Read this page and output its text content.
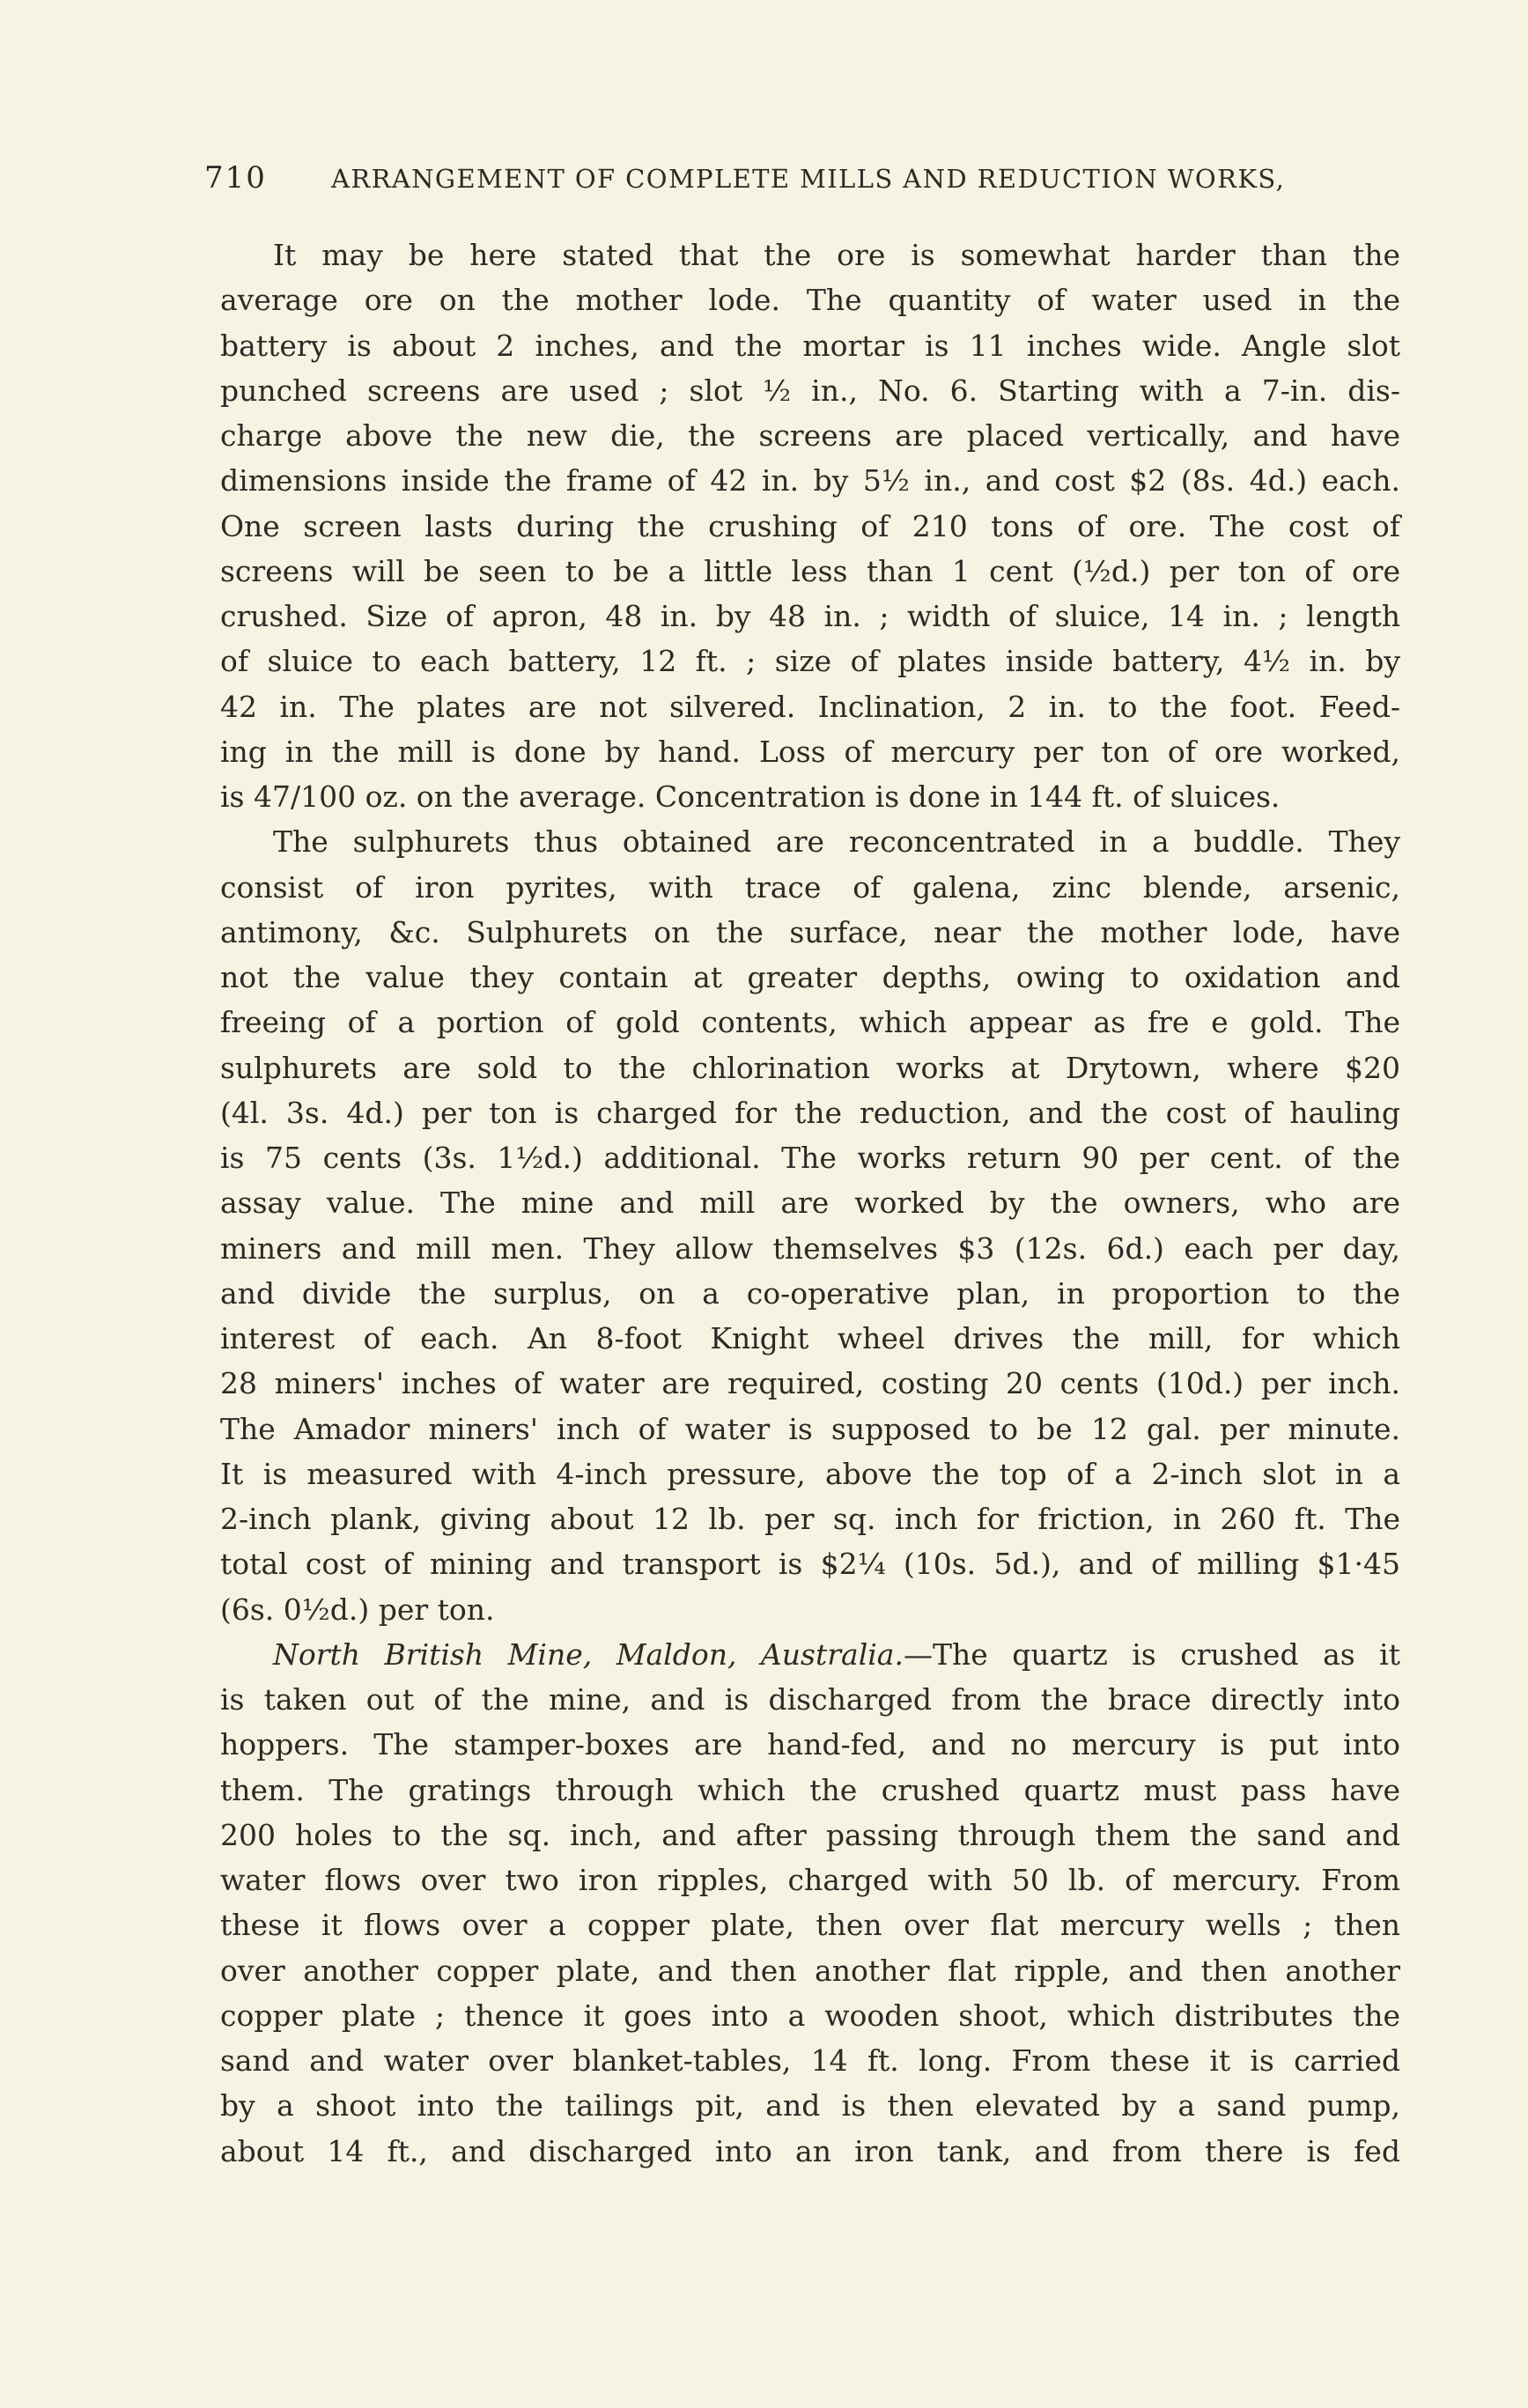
710	ARRANGEMENT OF COMPLETE MILLS AND REDUCTION WORKS,
It may be here stated that the ore is somewhat harder than the
average ore on the mother lode. The quantity of water used in the
battery is about 2 inches, and the mortar is 11 inches wide. Angle slot
punched screens are used ; slot ½ in., No. 6. Starting with a 7-in. dis-
charge above the new die, the screens are placed vertically, and have
dimensions inside the frame of 42 in. by 5½ in., and cost $2 (8s. 4d.) each.
One screen lasts during the crushing of 210 tons of ore. The cost of
screens will be seen to be a little less than 1 cent (½d.) per ton of ore
crushed. Size of apron, 48 in. by 48 in. ; width of sluice, 14 in. ; length
of sluice to each battery, 12 ft. ; size of plates inside battery, 4½ in. by
42 in. The plates are not silvered. Inclination, 2 in. to the foot. Feed-
ing in the mill is done by hand. Loss of mercury per ton of ore worked,
is 47/100 oz. on the average. Concentration is done in 144 ft. of sluices.
The sulphurets thus obtained are reconcentrated in a buddle. They
consist of iron pyrites, with trace of galena, zinc blende, arsenic,
antimony, &c. Sulphurets on the surface, near the mother lode, have
not the value they contain at greater depths, owing to oxidation and
freeing of a portion of gold contents, which appear as fre e gold. The
sulphurets are sold to the chlorination works at Drytown, where $20
(4l. 3s. 4d.) per ton is charged for the reduction, and the cost of hauling
is 75 cents (3s. 1½d.) additional. The works return 90 per cent. of the
assay value. The mine and mill are worked by the owners, who are
miners and mill men. They allow themselves $3 (12s. 6d.) each per day,
and divide the surplus, on a co-operative plan, in proportion to the
interest of each. An 8-foot Knight wheel drives the mill, for which
28 miners' inches of water are required, costing 20 cents (10d.) per inch.
The Amador miners' inch of water is supposed to be 12 gal. per minute.
It is measured with 4-inch pressure, above the top of a 2-inch slot in a
2-inch plank, giving about 12 lb. per sq. inch for friction, in 260 ft. The
total cost of mining and transport is $2¼ (10s. 5d.), and of milling $1·45
(6s. 0½d.) per ton.
North British Mine, Maldon, Australia.—The quartz is crushed as it
is taken out of the mine, and is discharged from the brace directly into
hoppers. The stamper-boxes are hand-fed, and no mercury is put into
them. The gratings through which the crushed quartz must pass have
200 holes to the sq. inch, and after passing through them the sand and
water flows over two iron ripples, charged with 50 lb. of mercury. From
these it flows over a copper plate, then over flat mercury wells ; then
over another copper plate, and then another flat ripple, and then another
copper plate ; thence it goes into a wooden shoot, which distributes the
sand and water over blanket-tables, 14 ft. long. From these it is carried
by a shoot into the tailings pit, and is then elevated by a sand pump,
about 14 ft., and discharged into an iron tank, and from there is fed
